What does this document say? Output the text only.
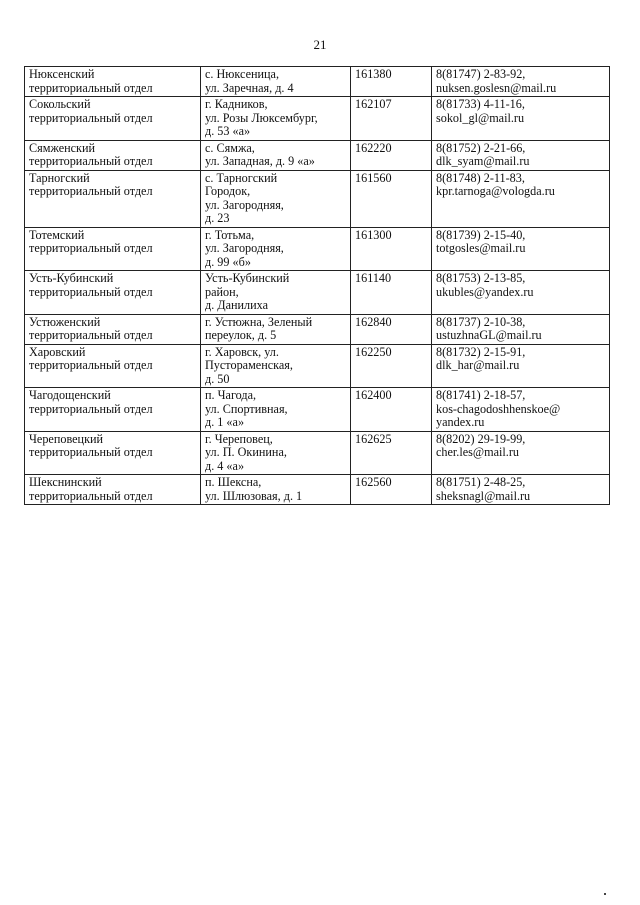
21
Нюксенский
территориальный отдел	с. Нюксеница,
ул. Заречная, д. 4	161380	8(81747) 2-83-92,
nuksen.goslesn@mail.ru
Сокольский
территориальный отдел	г. Кадников,
ул. Розы Люксембург,
д. 53 «а»	162107	8(81733) 4-11-16,
sokol_gl@mail.ru
Сямженский
территориальный отдел	с. Сямжа,
ул. Западная, д. 9 «а»	162220	8(81752) 2-21-66,
dlk_syam@mail.ru
Тарногский
территориальный отдел	с. Тарногский
Городок,
ул. Загородняя,
д. 23	161560	8(81748) 2-11-83,
kpr.tarnoga@vologda.ru
Тотемский
территориальный отдел	г. Тотьма,
ул. Загородняя,
д. 99 «б»	161300	8(81739) 2-15-40,
totgosles@mail.ru
Усть-Кубинский
территориальный отдел	Усть-Кубинский
район,
д. Данилиха	161140	8(81753) 2-13-85,
ukubles@yandex.ru
Устюженский
территориальный отдел	г. Устюжна, Зеленый
переулок, д. 5	162840	8(81737) 2-10-38,
ustuzhnaGL@mail.ru
Харовский
территориальный отдел	г. Харовск, ул.
Пустораменская,
д. 50	162250	8(81732) 2-15-91,
dlk_har@mail.ru
Чагодощенский
территориальный отдел	п. Чагода,
ул. Спортивная,
д. 1 «а»	162400	8(81741) 2-18-57,
kos-chagodoshhenskoe@
yandex.ru
Череповецкий
территориальный отдел	г. Череповец,
ул. П. Окинина,
д. 4 «а»	162625	8(8202) 29-19-99,
cher.les@mail.ru
Шекснинский
территориальный отдел	п. Шексна,
ул. Шлюзовая, д. 1	162560	8(81751) 2-48-25,
sheksnagl@mail.ru
